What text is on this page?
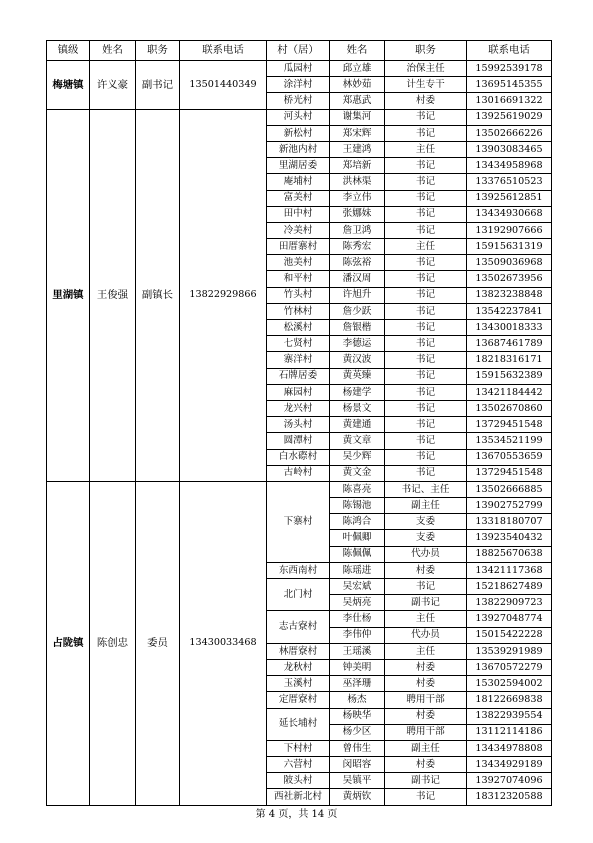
镇级	姓名	职务	联系电话	村（居）	姓名	职务	联系电话
梅塘镇	许义豪	副书记	13501440349	瓜园村	邱立雄	治保主任	15992539178
				涂洋村	林妙茹	计生专干	13695145355
				桥光村	郑惠武	村委	13016691322
里湖镇	王俊强	副镇长	13822929866	河头村	谢集河	书记	13925619029
				新松村	郑宋辉	书记	13502666226
				新池内村	王建鸿	主任	13903083465
				里湖居委	郑培新	书记	13434958968
				庵埔村	洪林渠	书记	13376510523
				富美村	李立伟	书记	13925612851
				田中村	张娜妹	书记	13434930668
				冷美村	詹卫鸿	书记	13192907666
				田厝寨村	陈秀宏	主任	15915631319
				池美村	陈弦裕	书记	13509036968
				和平村	潘汉周	书记	13502673956
				竹头村	许旭升	书记	13823238848
				竹林村	詹少跃	书记	13542237841
				松溪村	詹银楷	书记	13430018333
				七贤村	李德运	书记	13687461789
				寨洋村	黄汉波	书记	18218316171
				石牌居委	黄英臻	书记	15915632389
				麻园村	杨建学	书记	13421184442
				龙兴村	杨景文	书记	13502670860
				汤头村	黄建通	书记	13729451548
				圆潭村	黄文章	书记	13534521199
				白水磜村	吴少辉	书记	13670553659
				古岭村	黄文金	书记	13729451548
占陇镇	陈创忠	委员	13430033468	下寨村	陈喜亮	书记、主任	13502666885
					陈锡池	副主任	13902752799
					陈鸿合	支委	13318180707
					叶佩卿	支委	13923540432
					陈佩佩	代办员	18825670638
				东西南村	陈瑶进	村委	13421117368
				北门村	吴宏斌	书记	15218627489
					吴炳亮	副书记	13822909723
				志古寮村	李仕杨	主任	13927048774
					李伟仲	代办员	15015422228
				林厝寮村	王瑶溪	主任	13539291989
				龙秋村	钟美明	村委	13670572279
				玉溪村	巫泽珊	村委	15302594002
				定厝寮村	杨杰	聘用干部	18122669838
				延长埔村	杨映华	村委	13822939554
					杨少区	聘用干部	13112114186
				下村村	曾伟生	副主任	13434978808
				六营村	闵昭容	村委	13434929189
				陂头村	吴镇平	副书记	13927074096
				西社新北村	黄炳钦	书记	18312320588
第 4 页，共 14 页
